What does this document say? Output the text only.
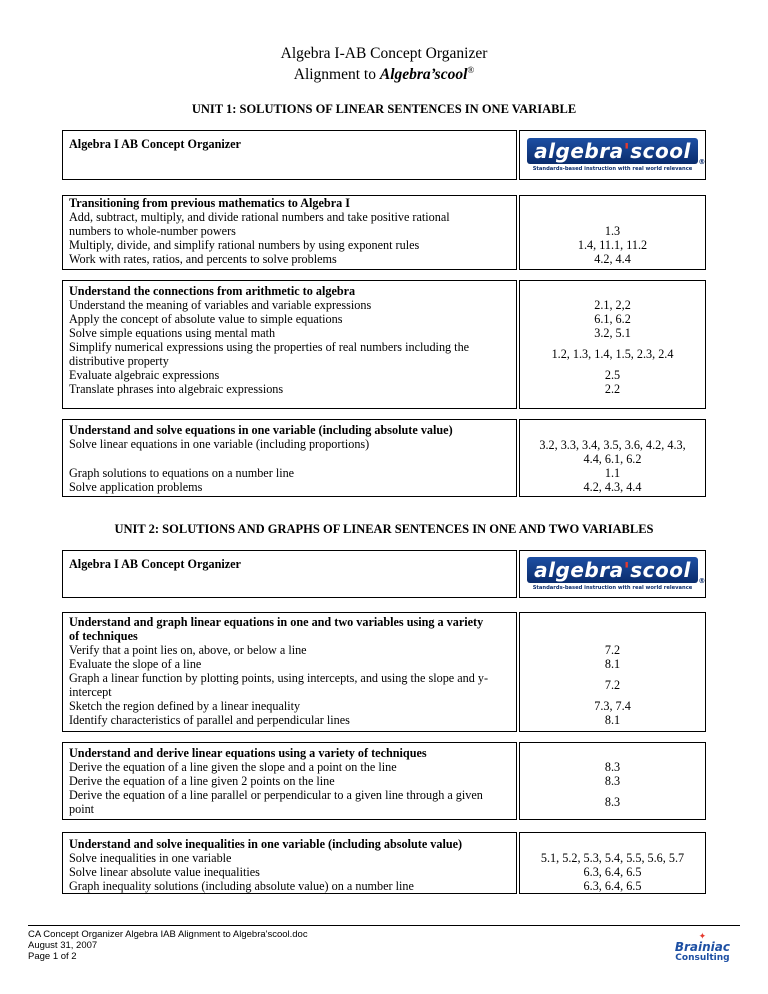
Algebra I-AB Concept Organizer
Alignment to Algebra’scool®
UNIT 1: SOLUTIONS OF LINEAR SENTENCES IN ONE VARIABLE
Algebra I AB Concept Organizer	algebra'scool ®
Standards-based instruction with real world relevance
Transitioning from previous mathematics to Algebra I
Add, subtract, multiply, and divide rational numbers and take positive rational
numbers to whole-number powers
Multiply, divide, and simplify rational numbers by using exponent rules
Work with rates, ratios, and percents to solve problems
1.3
1.4, 11.1, 11.2
4.2, 4.4
Understand the connections from arithmetic to algebra
Understand the meaning of variables and variable expressions
Apply the concept of absolute value to simple equations
Solve simple equations using mental math
Simplify numerical expressions using the properties of real numbers including the
distributive property
Evaluate algebraic expressions
Translate phrases into algebraic expressions
2.1, 2,2
6.1, 6.2
3.2, 5.1
1.2, 1.3, 1.4, 1.5, 2.3, 2.4
2.5
2.2
Understand and solve equations in one variable (including absolute value)
Solve linear equations in one variable (including proportions)
Graph solutions to equations on a number line
Solve application problems
3.2, 3.3, 3.4, 3.5, 3.6, 4.2, 4.3,
4.4, 6.1, 6.2
1.1
4.2, 4.3, 4.4
UNIT 2: SOLUTIONS AND GRAPHS OF LINEAR SENTENCES IN ONE AND TWO VARIABLES
Algebra I AB Concept Organizer	algebra'scool ®
Standards-based instruction with real world relevance
Understand and graph linear equations in one and two variables using a variety
of techniques
Verify that a point lies on, above, or below a line
Evaluate the slope of a line
Graph a linear function by plotting points, using intercepts, and using the slope and y-
intercept
Sketch the region defined by a linear inequality
Identify characteristics of parallel and perpendicular lines
7.2
8.1
7.2
7.3, 7.4
8.1
Understand and derive linear equations using a variety of techniques
Derive the equation of a line given the slope and a point on the line
Derive the equation of a line given 2 points on the line
Derive the equation of a line parallel or perpendicular to a given line through a given
point
8.3
8.3
8.3
Understand and solve inequalities in one variable (including absolute value)
Solve inequalities in one variable
Solve linear absolute value inequalities
Graph inequality solutions (including absolute value) on a number line
5.1, 5.2, 5.3, 5.4, 5.5, 5.6, 5.7
6.3, 6.4, 6.5
6.3, 6.4, 6.5
CA Concept Organizer Algebra IAB Alignment to Algebra'scool.doc
August 31, 2007
Page 1 of 2
✦
Brainiac
Consulting
